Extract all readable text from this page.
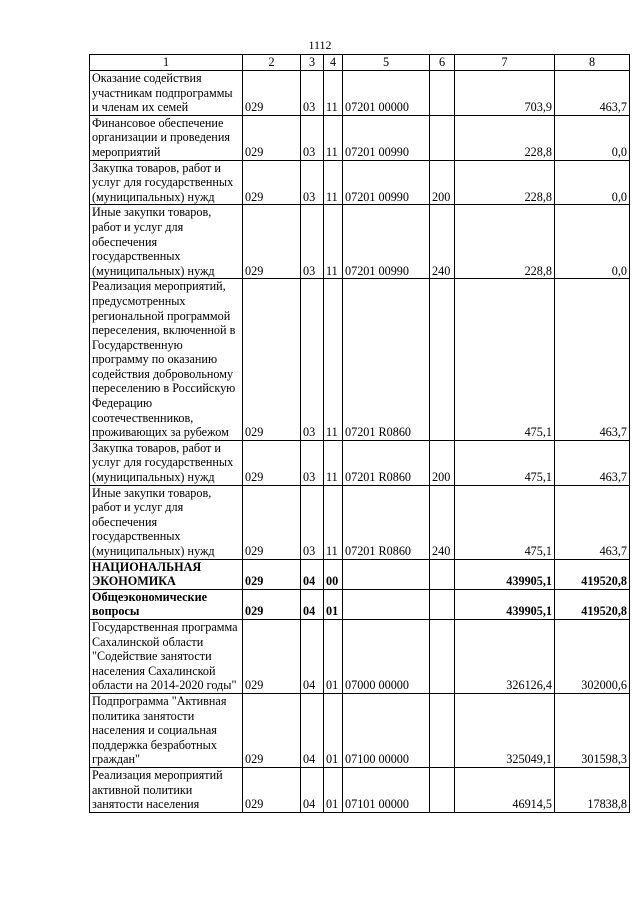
1112
1	2	3	4	5	6	7	8
Оказание содействия участникам подпрограммы и членам их семей	029	03	11	07201 00000		703,9	463,7
Финансовое обеспечение организации и проведения мероприятий	029	03	11	07201 00990		228,8	0,0
Закупка товаров, работ и услуг для государственных (муниципальных) нужд	029	03	11	07201 00990	200	228,8	0,0
Иные закупки товаров, работ и услуг для обеспечения государственных (муниципальных) нужд	029	03	11	07201 00990	240	228,8	0,0
Реализация мероприятий, предусмотренных региональной программой переселения, включенной в Государственную программу по оказанию содействия добровольному переселению в Российскую Федерацию соотечественников, проживающих за рубежом	029	03	11	07201 R0860		475,1	463,7
Закупка товаров, работ и услуг для государственных (муниципальных) нужд	029	03	11	07201 R0860	200	475,1	463,7
Иные закупки товаров, работ и услуг для обеспечения государственных (муниципальных) нужд	029	03	11	07201 R0860	240	475,1	463,7
НАЦИОНАЛЬНАЯ ЭКОНОМИКА	029	04	00			439905,1	419520,8
Общеэкономические вопросы	029	04	01			439905,1	419520,8
Государственная программа Сахалинской области "Содействие занятости населения Сахалинской области на 2014-2020 годы"	029	04	01	07000 00000		326126,4	302000,6
Подпрограмма "Активная политика занятости населения и социальная поддержка безработных граждан"	029	04	01	07100 00000		325049,1	301598,3
Реализация мероприятий активной политики занятости населения	029	04	01	07101 00000		46914,5	17838,8
